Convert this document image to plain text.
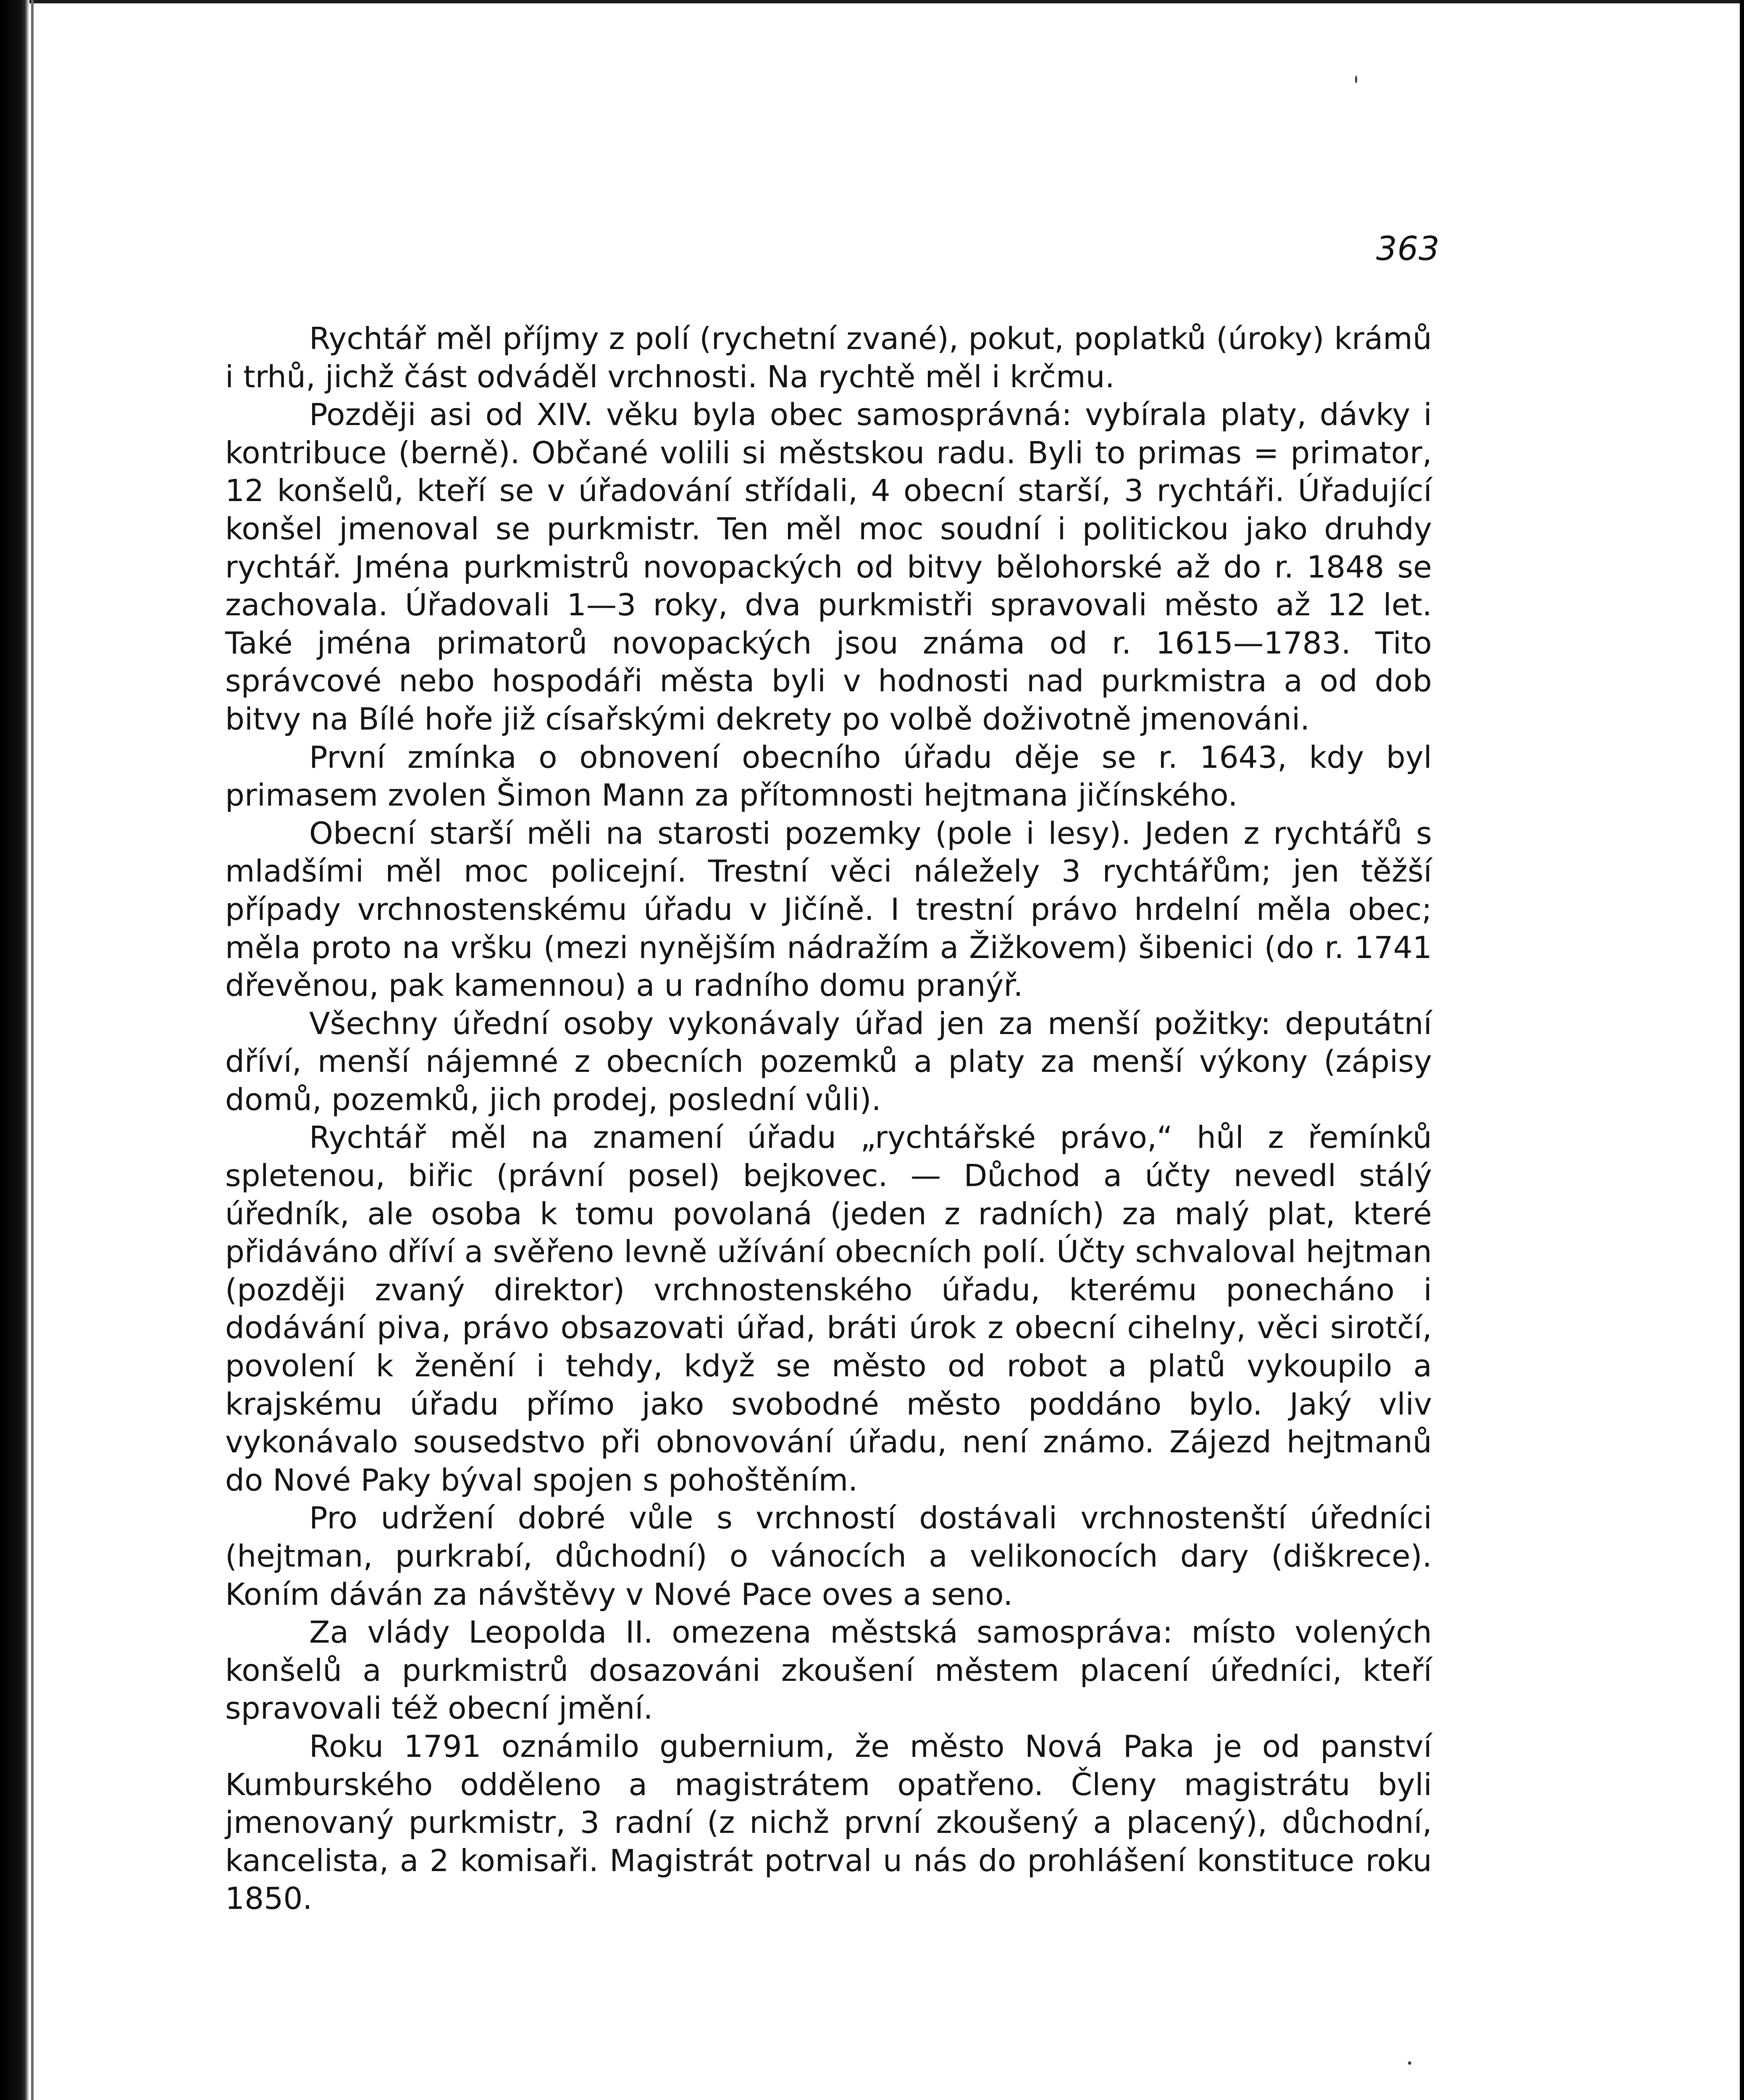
363

Rychtář měl příjmy z polí (rychetní zvané), pokut, poplatků (úroky) krámů i trhů, jichž část odváděl vrchnosti. Na rychtě měl i krčmu.

Později asi od XIV. věku byla obec samosprávná: vybírala platy, dávky i kontribuce (berně). Občané volili si městskou radu. Byli to primas = primator, 12 konšelů, kteří se v úřadování střídali, 4 obecní starší, 3 rychtáři. Úřadující konšel jmenoval se purkmistr. Ten měl moc soudní i politickou jako druhdy rychtář. Jména purkmistrů novopackých od bitvy bělohorské až do r. 1848 se zachovala. Úřadovali 1—3 roky, dva purkmistři spravovali město až 12 let. Také jména primatorů novopackých jsou známa od r. 1615—1783. Tito správcové nebo hospodáři města byli v hodnosti nad purkmistra a od dob bitvy na Bílé hoře již císařskými dekrety po volbě doživotně jmenováni.

První zmínka o obnovení obecního úřadu děje se r. 1643, kdy byl primasem zvolen Šimon Mann za přítomnosti hejtmana jičínského.

Obecní starší měli na starosti pozemky (pole i lesy). Jeden z rychtářů s mladšími měl moc policejní. Trestní věci náležely 3 rychtářům; jen těžší případy vrchnostenskému úřadu v Jičíně. I trestní právo hrdelní měla obec; měla proto na vršku (mezi nynějším nádražím a Žižkovem) šibenici (do r. 1741 dřevěnou, pak kamennou) a u radního domu pranýř.

Všechny úřední osoby vykonávaly úřad jen za menší požitky: deputátní dříví, menší nájemné z obecních pozemků a platy za menší výkony (zápisy domů, pozemků, jich prodej, poslední vůli).

Rychtář měl na znamení úřadu „rychtářské právo,“ hůl z řemínků spletenou, biřic (právní posel) bejkovec. — Důchod a účty nevedl stálý úředník, ale osoba k tomu povolaná (jeden z radních) za malý plat, které přidáváno dříví a svěřeno levně užívání obecních polí. Účty schvaloval hejtman (později zvaný direktor) vrchnostenského úřadu, kterému ponecháno i dodávání piva, právo obsazovati úřad, bráti úrok z obecní cihelny, věci sirotčí, povolení k ženění i tehdy, když se město od robot a platů vykoupilo a krajskému úřadu přímo jako svobodné město poddáno bylo. Jaký vliv vykonávalo sousedstvo při obnovování úřadu, není známo. Zájezd hejtmanů do Nové Paky býval spojen s pohoštěním.

Pro udržení dobré vůle s vrchností dostávali vrchnostenští úředníci (hejtman, purkrabí, důchodní) o vánocích a velikonocích dary (diškrece). Koním dáván za návštěvy v Nové Pace oves a seno.

Za vlády Leopolda II. omezena městská samospráva: místo volených konšelů a purkmistrů dosazováni zkoušení městem placení úředníci, kteří spravovali též obecní jmění.

Roku 1791 oznámilo gubernium, že město Nová Paka je od panství Kumburského odděleno a magistrátem opatřeno. Členy magistrátu byli jmenovaný purkmistr, 3 radní (z nichž první zkoušený a placený), důchodní, kancelista, a 2 komisaři. Magistrát potrval u nás do prohlášení konstituce roku 1850.
